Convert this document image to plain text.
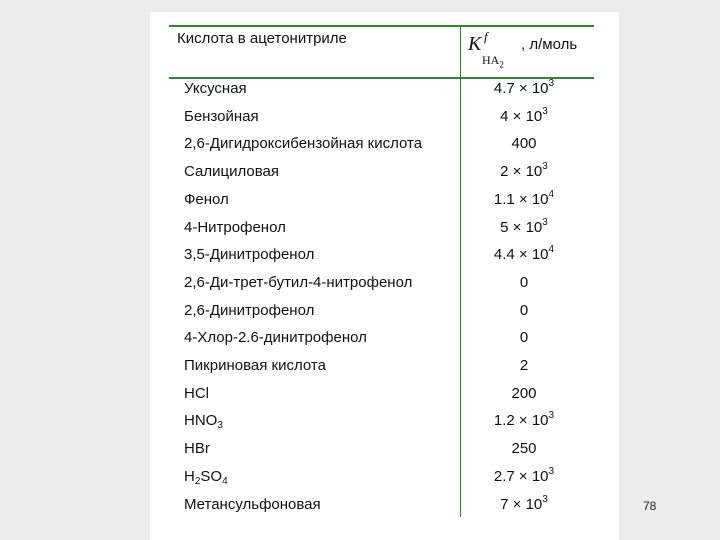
Кислота в ацетонитриле	K f
$HA_2$
, л/моль
Уксусная	$4.7 \times 10^3$
Бензойная	$4 \times 10^3$
2,6-Дигидроксибензойная кислота	400
Салициловая	$2 \times 10^3$
Фенол	$1.1 \times 10^4$
4-Нитрофенол	$5 \times 10^3$
3,5-Динитрофенол	$4.4 \times 10^4$
2,6-Ди-трет-бутил-4-нитрофенол	0
2,6-Динитрофенол	0
4-Хлор-2.6-динитрофенол	0
Пикриновая кислота	2
HCl	200
$HNO_3$	$1.2 \times 10^3$
HBr	250
$H_2SO_4$	$2.7 \times 10^3$
Метансульфоновая	$7 \times 10^3$	78
